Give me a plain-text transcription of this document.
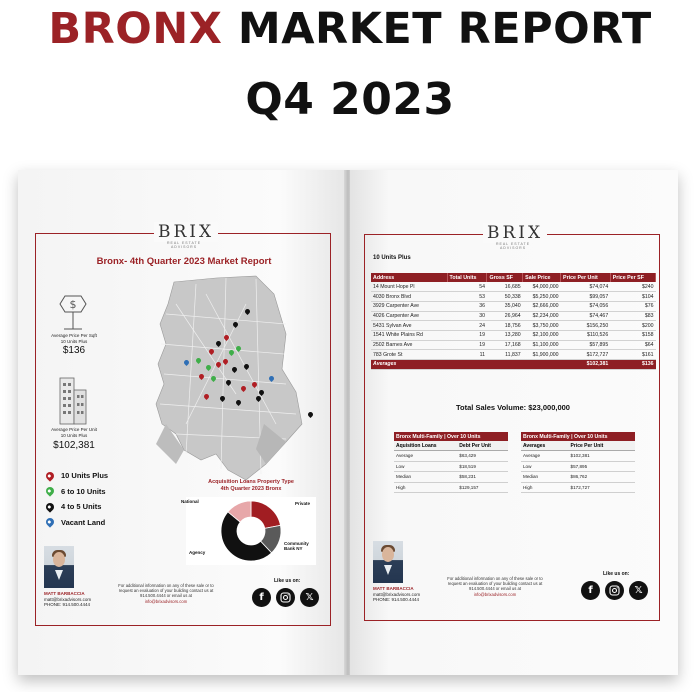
BRONX MARKET REPORT
Q4 2023
BRIX
REAL ESTATE ADVISORS
Bronx- 4th Quarter 2023 Market Report
$
Average Price Per Sqft
10 Units Plus
$136
Average Price Per Unit
10 Units Plus
$102,381
10 Units Plus
6 to 10 Units
4 to 5 Units
Vacant Land
Acquisition Loans Property Type
4th Quarter 2023 Bronx
National	Private
Community Bank NY
Agency
MATT BARBACCIA
matt@brixadvisors.com
PHONE: 914.500.4444
For additional information on any of these sale or to
request an evaluation of your building contact us at
914.500.4444 or email us at
info@brixadvisors.com
Like us on:
f	𝕏
BRIX
REAL ESTATE ADVISORS
10 Units Plus
Address	Total Units	Gross SF	Sale Price	Price Per Unit	Price Per SF
14 Mount Hope Pl	54	16,685	$4,000,000	$74,074	$240
4030 Bronx Blvd	53	50,338	$5,250,000	$99,057	$104
3929 Carpenter Ave	36	35,040	$2,666,000	$74,056	$76
4026 Carpenter Ave	30	26,964	$2,234,000	$74,467	$83
5431 Sylvan Ave	24	18,756	$3,750,000	$156,250	$200
1541 White Plains Rd	19	13,280	$2,100,000	$110,526	$158
2502 Barnes Ave	19	17,168	$1,100,000	$57,895	$64
783 Grote St	11	11,837	$1,900,000	$172,727	$161
Averages				$102,381	$136
Total Sales Volume: $23,000,000
Bronx Multi-Family | Over 10 Units	
Aquisition Loans	Debt Per Unit
Average	$63,429
Low	$18,519
Median	$58,231
High	$129,157
Bronx Multi-Family | Over 10 Units	
Averages	Price Per Unit
Average	$102,381
Low	$57,895
Median	$86,762
High	$172,727
MATT BARBACCIA
matt@brixadvisors.com
PHONE: 914.500.4444
For additional information on any of these sale or to
request an evaluation of your building contact us at
914.500.4444 or email us at
info@brixadvisors.com
Like us on:
f	𝕏
